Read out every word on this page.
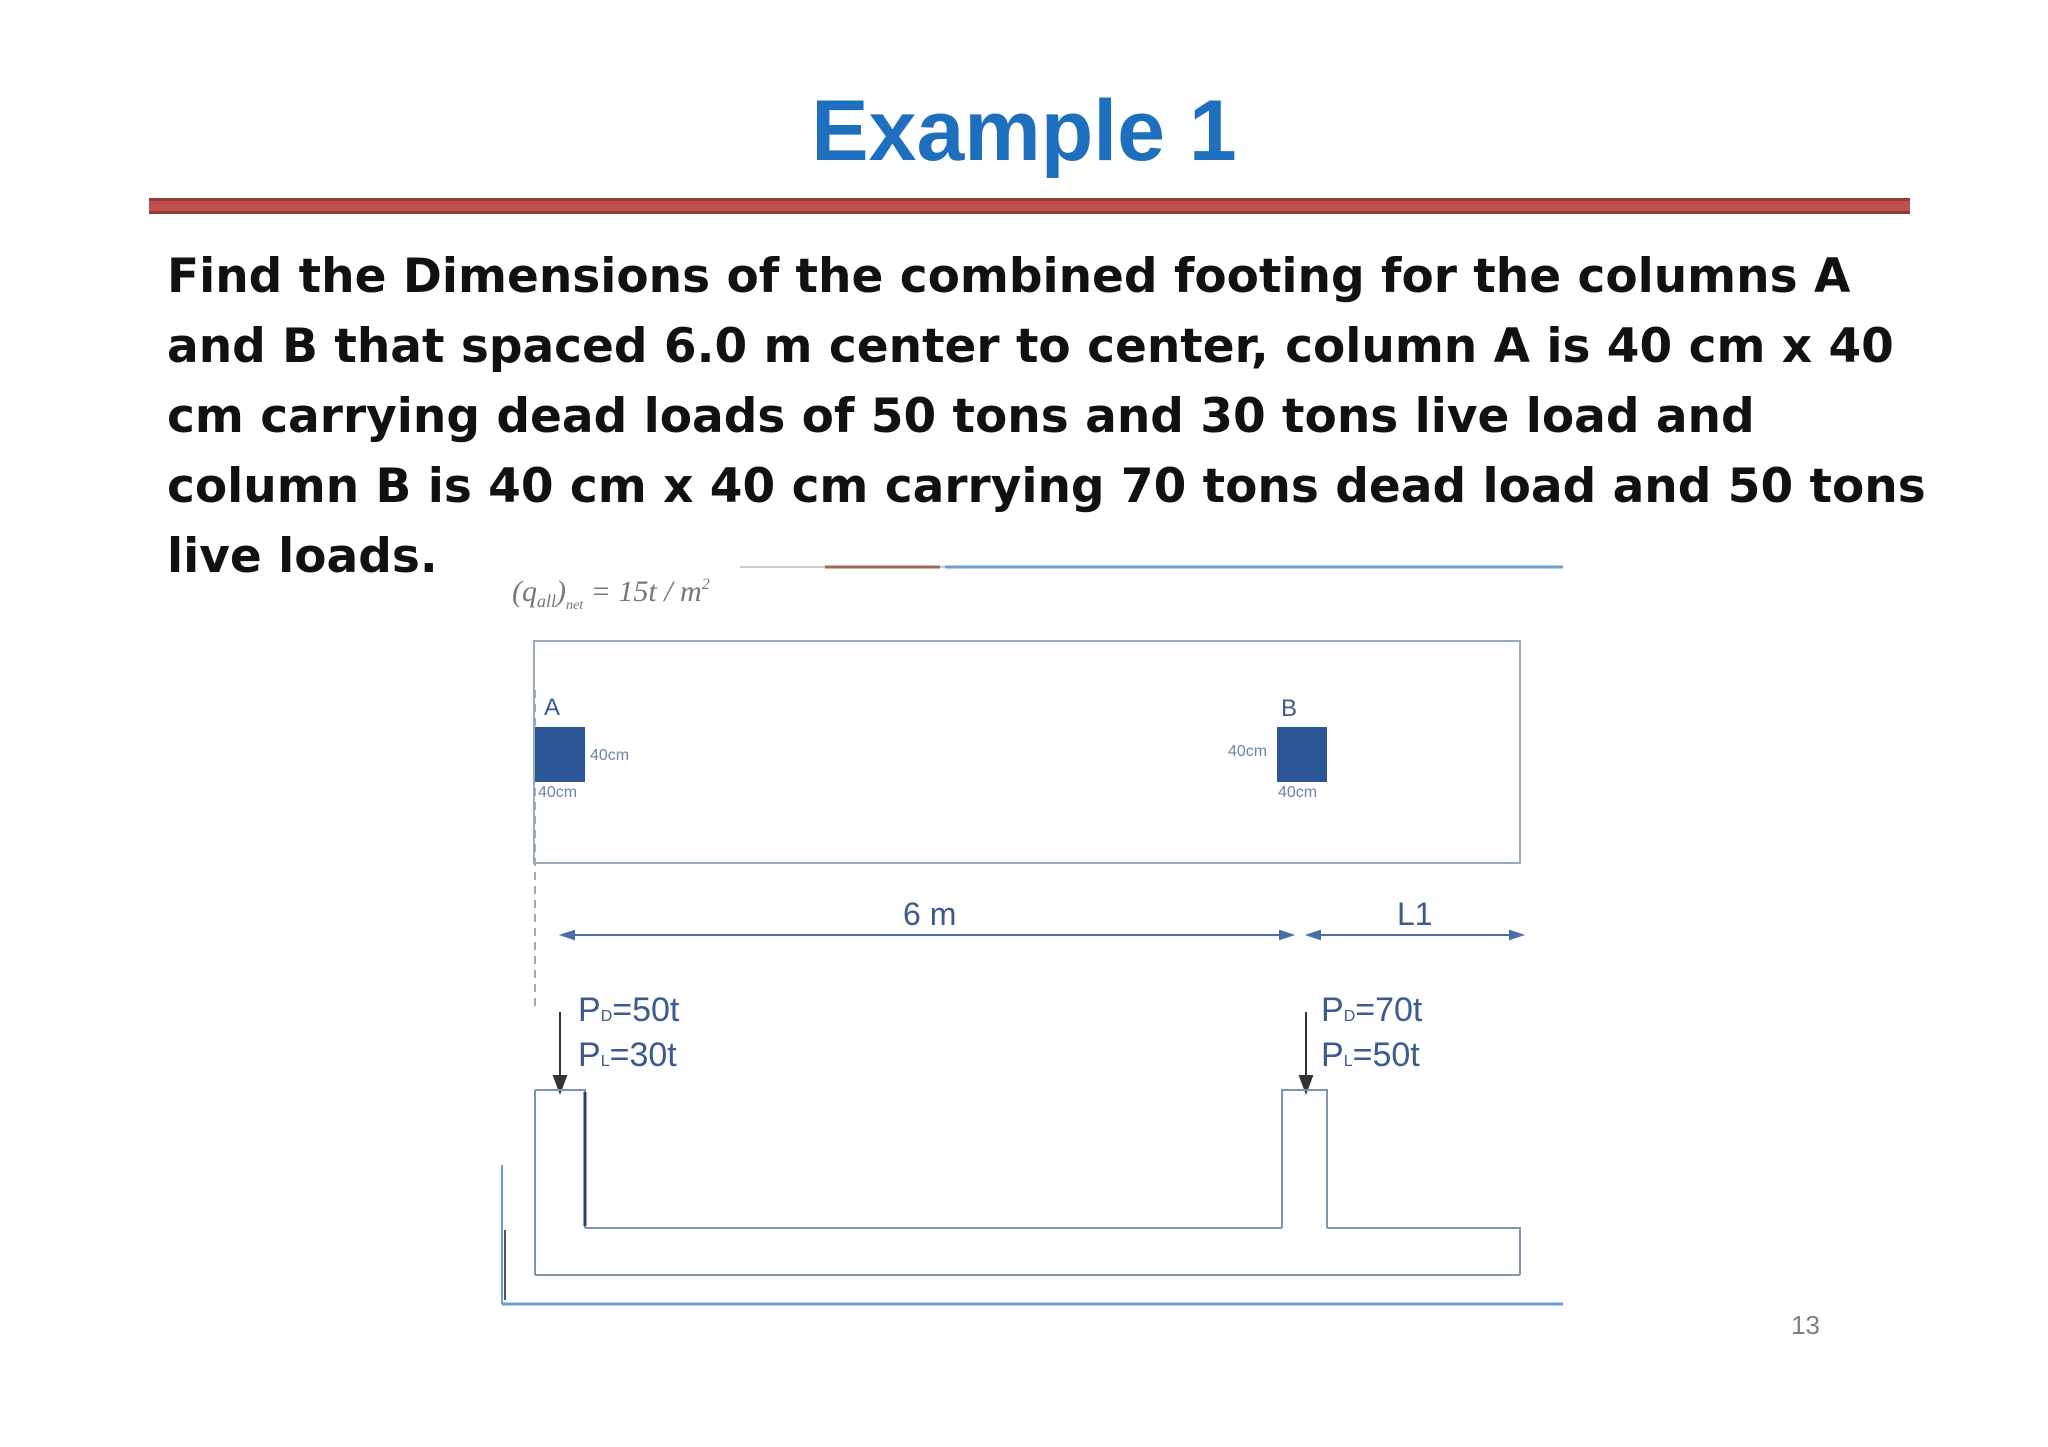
Example 1

Find the Dimensions of the combined footing for the columns A and B that spaced 6.0 m center to center, column A is 40 cm x 40 cm carrying dead loads of 50 tons and 30 tons live load and column B is 40 cm x 40 cm carrying 70 tons dead load and 50 tons live loads.

$(q_{all})_{net} = 15t / m^2$
A
40cm
40cm
B
40cm
40cm
6 m	L1
PD=50t
PL=30t
PD=70t
PL=50t
13
